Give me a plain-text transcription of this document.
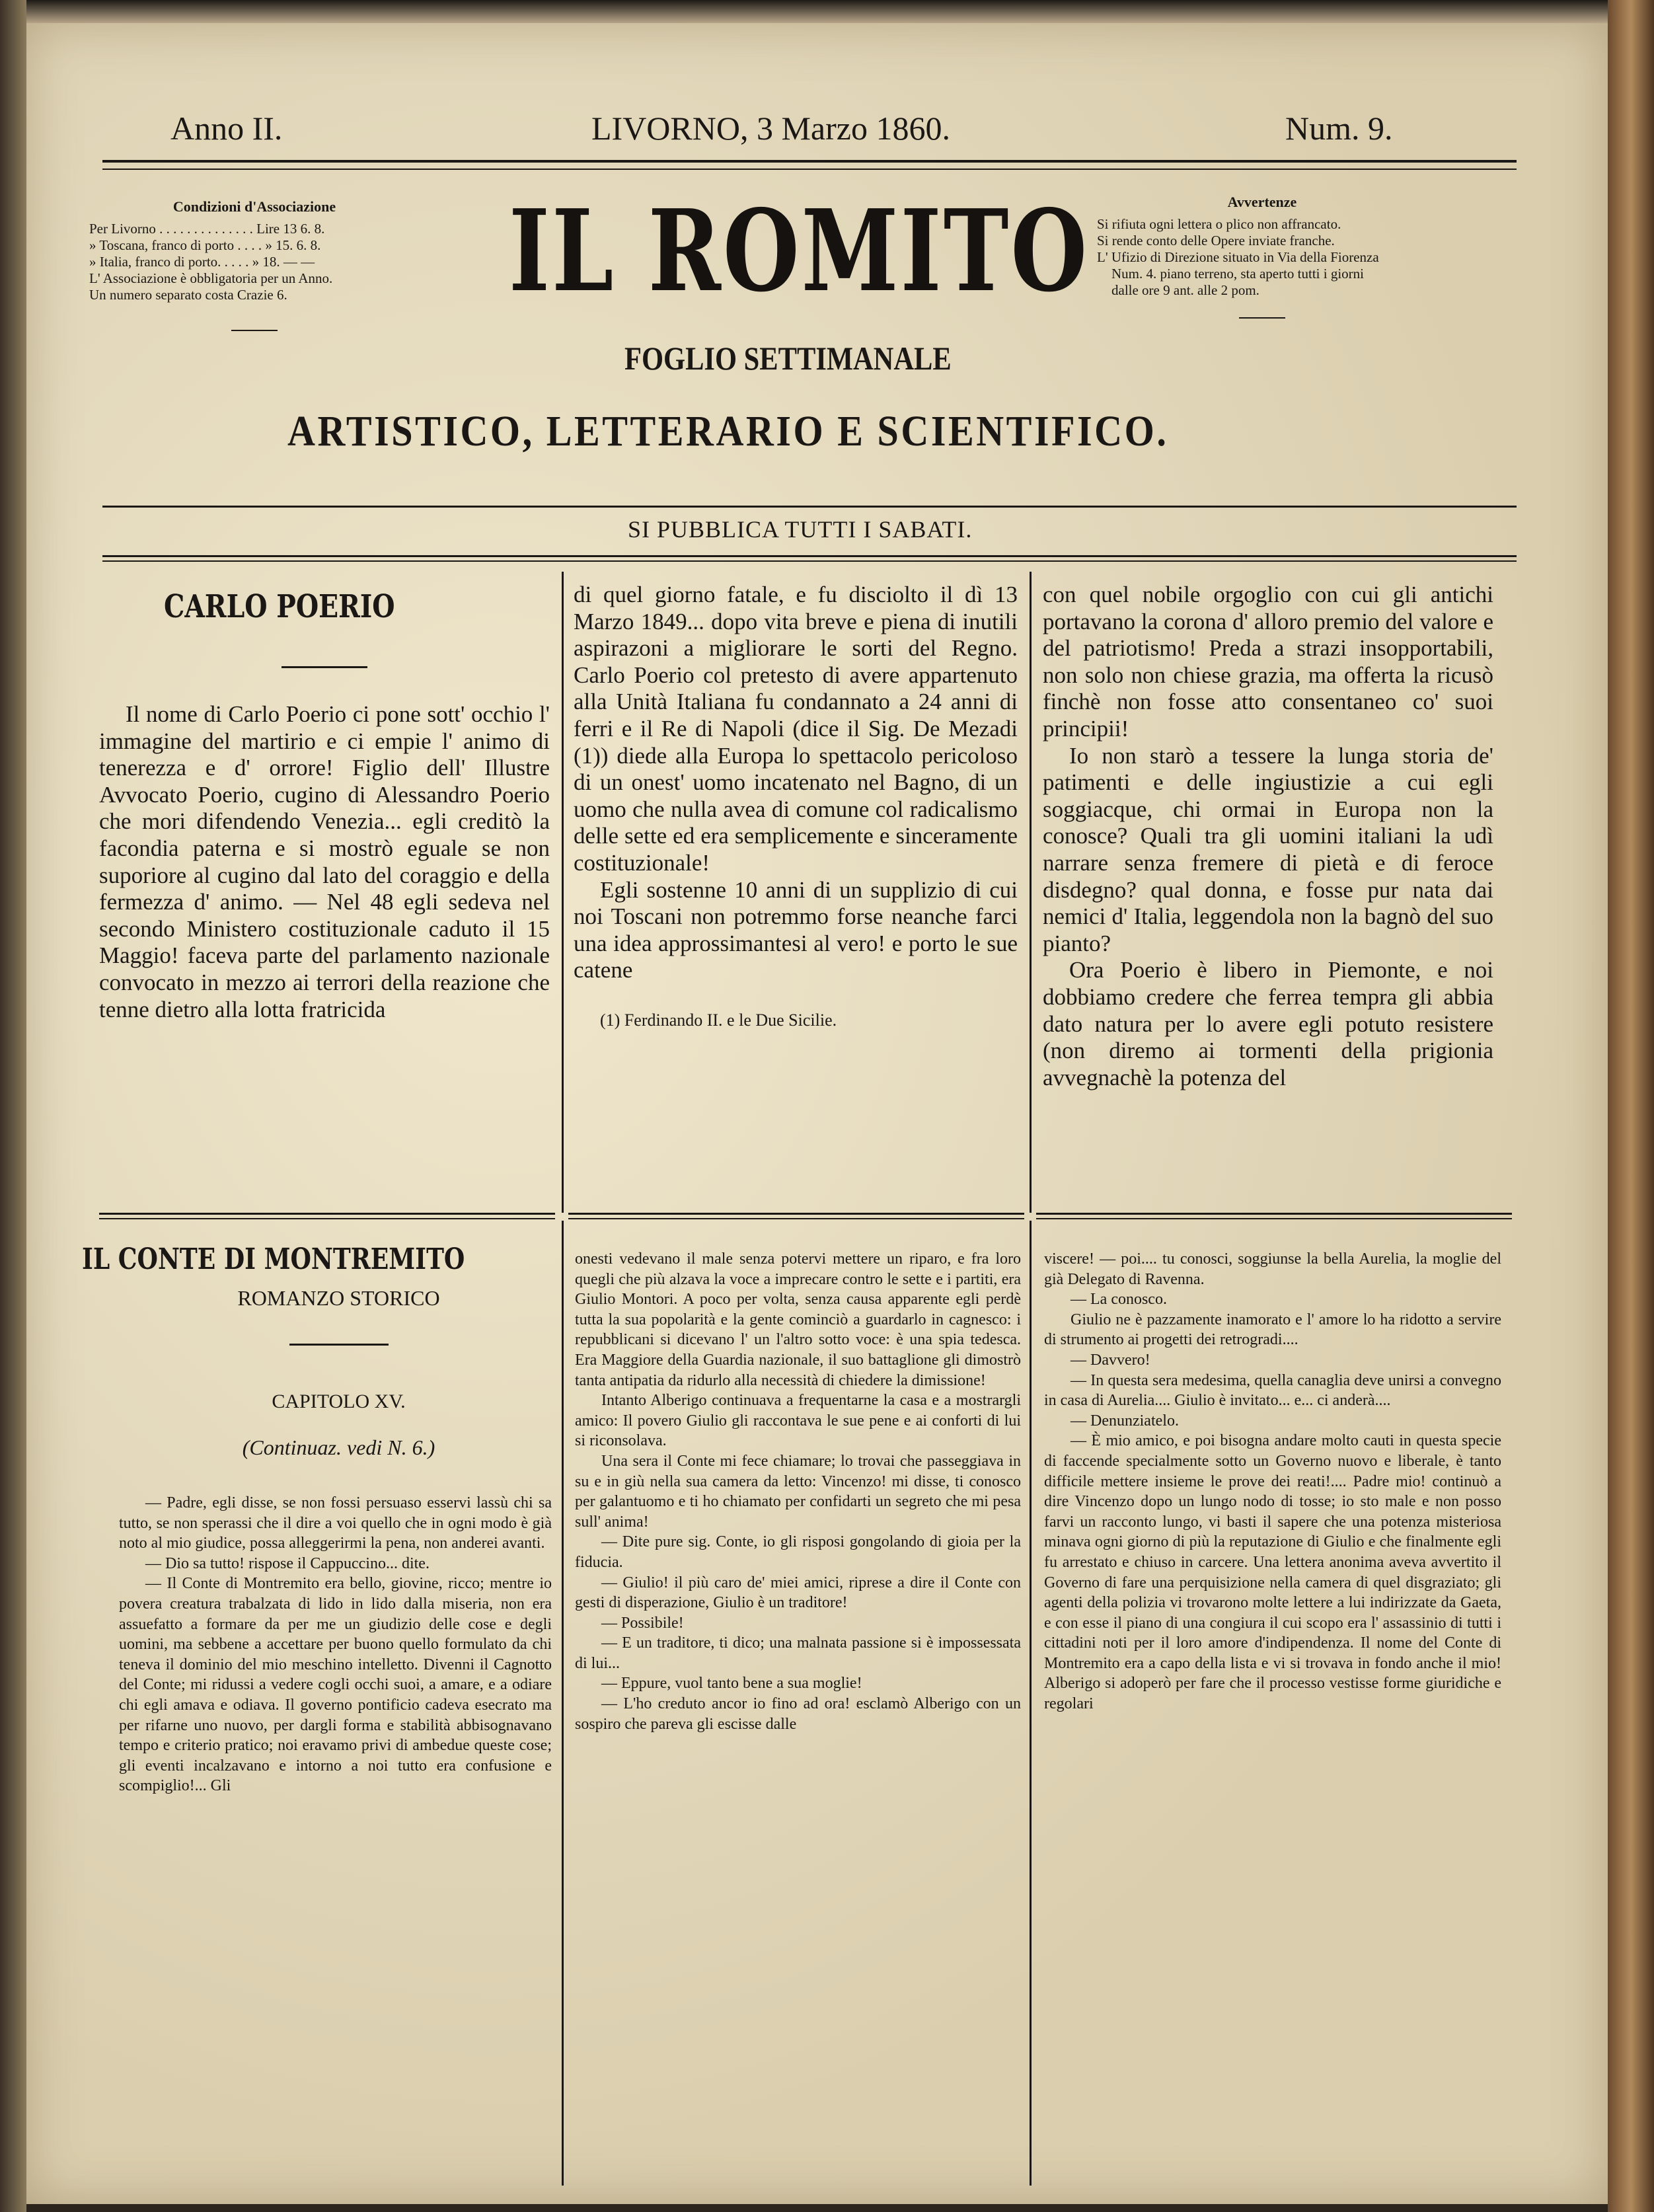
Anno II.	LIVORNO, 3 Marzo 1860.	Num. 9.
Condizioni d'Associazione
Per Livorno . . . . . . . . . . . . . . Lire 13 6. 8.
» Toscana, franco di porto . . . . » 15. 6. 8.
» Italia, franco di porto. . . . . » 18. — —
L' Associazione è obbligatoria per un Anno.
Un numero separato costa Crazie 6.	IL ROMITO
FOGLIO SETTIMANALE
ARTISTICO, LETTERARIO E SCIENTIFICO.
Avvertenze
Si rifiuta ogni lettera o plico non affrancato.
Si rende conto delle Opere inviate franche.
L' Ufizio di Direzione situato in Via della Fiorenza
Num. 4. piano terreno, sta aperto tutti i giorni
dalle ore 9 ant. alle 2 pom.
SI PUBBLICA TUTTI I SABATI.
CARLO POERIO

Il nome di Carlo Poerio ci pone sott' occhio l' immagine del martirio e ci empie l' animo di tenerezza e d' orrore! Figlio dell' Illustre Avvocato Poerio, cugino di Alessandro Poerio che mori difendendo Venezia... egli creditò la facondia paterna e si mostrò eguale se non suporiore al cugino dal lato del coraggio e della fermezza d' animo. — Nel 48 egli sedeva nel secondo Ministero costituzionale caduto il 15 Maggio! faceva parte del parlamento nazionale convocato in mezzo ai terrori della reazione che tenne dietro alla lotta fratricida

di quel giorno fatale, e fu disciolto il dì 13 Marzo 1849... dopo vita breve e piena di inutili aspirazoni a migliorare le sorti del Regno. Carlo Poerio col pretesto di avere appartenuto alla Unità Italiana fu condannato a 24 anni di ferri e il Re di Napoli (dice il Sig. De Mezadi (1)) diede alla Europa lo spettacolo pericoloso di un onest' uomo incatenato nel Bagno, di un uomo che nulla avea di comune col radicalismo delle sette ed era semplicemente e sinceramente costituzionale!

Egli sostenne 10 anni di un supplizio di cui noi Toscani non potremmo forse neanche farci una idea approssimantesi al vero! e porto le sue catene

(1) Ferdinando II. e le Due Sicilie.

con quel nobile orgoglio con cui gli antichi portavano la corona d' alloro premio del valore e del patriotismo! Preda a strazi insopportabili, non solo non chiese grazia, ma offerta la ricusò finchè non fosse atto consentaneo co' suoi principii!

Io non starò a tessere la lunga storia de' patimenti e delle ingiustizie a cui egli soggiacque, chi ormai in Europa non la conosce? Quali tra gli uomini italiani la udì narrare senza fremere di pietà e di feroce disdegno? qual donna, e fosse pur nata dai nemici d' Italia, leggendola non la bagnò del suo pianto?

Ora Poerio è libero in Piemonte, e noi dobbiamo credere che ferrea tempra gli abbia dato natura per lo avere egli potuto resistere (non diremo ai tormenti della prigionia avvegnachè la potenza del

IL CONTE DI MONTREMITO
ROMANZO STORICO
CAPITOLO XV.
(Continuaz. vedi N. 6.)

— Padre, egli disse, se non fossi persuaso esservi lassù chi sa tutto, se non sperassi che il dire a voi quello che in ogni modo è già noto al mio giudice, possa alleggerirmi la pena, non anderei avanti.

— Dio sa tutto! rispose il Cappuccino... dite.

— Il Conte di Montremito era bello, giovine, ricco; mentre io povera creatura trabalzata di lido in lido dalla miseria, non era assuefatto a formare da per me un giudizio delle cose e degli uomini, ma sebbene a accettare per buono quello formulato da chi teneva il dominio del mio meschino intelletto. Divenni il Cagnotto del Conte; mi ridussi a vedere cogli occhi suoi, a amare, e a odiare chi egli amava e odiava. Il governo pontificio cadeva esecrato ma per rifarne uno nuovo, per dargli forma e stabilità abbisognavano tempo e criterio pratico; noi eravamo privi di ambedue queste cose; gli eventi incalzavano e intorno a noi tutto era confusione e scompiglio!... Gli

onesti vedevano il male senza potervi mettere un riparo, e fra loro quegli che più alzava la voce a imprecare contro le sette e i partiti, era Giulio Montori. A poco per volta, senza causa apparente egli perdè tutta la sua popolarità e la gente cominciò a guardarlo in cagnesco: i repubblicani si dicevano l' un l'altro sotto voce: è una spia tedesca. Era Maggiore della Guardia nazionale, il suo battaglione gli dimostrò tanta antipatia da ridurlo alla necessità di chiedere la dimissione!

Intanto Alberigo continuava a frequentarne la casa e a mostrargli amico: Il povero Giulio gli raccontava le sue pene e ai conforti di lui si riconsolava.

Una sera il Conte mi fece chiamare; lo trovai che passeggiava in su e in giù nella sua camera da letto: Vincenzo! mi disse, ti conosco per galantuomo e ti ho chiamato per confidarti un segreto che mi pesa sull' anima!

— Dite pure sig. Conte, io gli risposi gongolando di gioia per la fiducia.

— Giulio! il più caro de' miei amici, riprese a dire il Conte con gesti di disperazione, Giulio è un traditore!

— Possibile!

— E un traditore, ti dico; una malnata passione si è impossessata di lui...

— Eppure, vuol tanto bene a sua moglie!

— L'ho creduto ancor io fino ad ora! esclamò Alberigo con un sospiro che pareva gli escisse dalle

viscere! — poi.... tu conosci, soggiunse la bella Aurelia, la moglie del già Delegato di Ravenna.

— La conosco.

Giulio ne è pazzamente inamorato e l' amore lo ha ridotto a servire di strumento ai progetti dei retrogradi....

— Davvero!

— In questa sera medesima, quella canaglia deve unirsi a convegno in casa di Aurelia.... Giulio è invitato... e... ci anderà....

— Denunziatelo.

— È mio amico, e poi bisogna andare molto cauti in questa specie di faccende specialmente sotto un Governo nuovo e liberale, è tanto difficile mettere insieme le prove dei reati!.... Padre mio! continuò a dire Vincenzo dopo un lungo nodo di tosse; io sto male e non posso farvi un racconto lungo, vi basti il sapere che una potenza misteriosa minava ogni giorno di più la reputazione di Giulio e che finalmente egli fu arrestato e chiuso in carcere. Una lettera anonima aveva avvertito il Governo di fare una perquisizione nella camera di quel disgraziato; gli agenti della polizia vi trovarono molte lettere a lui indirizzate da Gaeta, e con esse il piano di una congiura il cui scopo era l' assassinio di tutti i cittadini noti per il loro amore d'indipendenza. Il nome del Conte di Montremito era a capo della lista e vi si trovava in fondo anche il mio! Alberigo si adoperò per fare che il processo vestisse forme giuridiche e regolari
